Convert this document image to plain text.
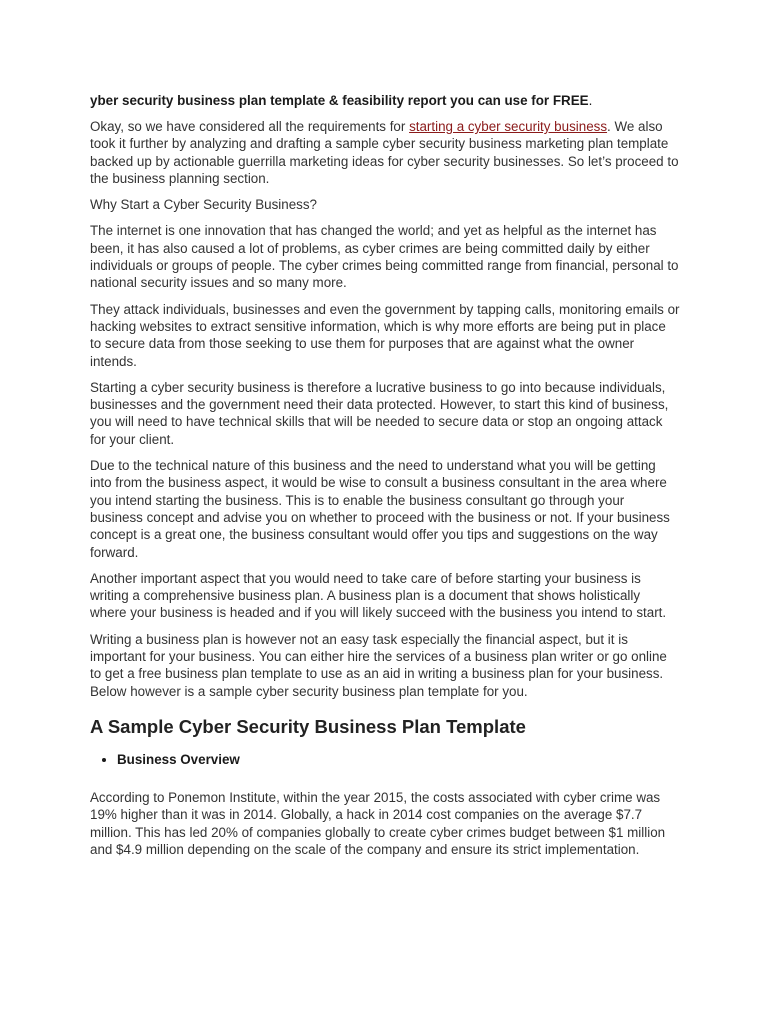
yber security business plan template & feasibility report you can use for FREE.

Okay, so we have considered all the requirements for starting a cyber security business. We also took it further by analyzing and drafting a sample cyber security business marketing plan template backed up by actionable guerrilla marketing ideas for cyber security businesses. So let’s proceed to the business planning section.

Why Start a Cyber Security Business?

The internet is one innovation that has changed the world; and yet as helpful as the internet has been, it has also caused a lot of problems, as cyber crimes are being committed daily by either individuals or groups of people. The cyber crimes being committed range from financial, personal to national security issues and so many more.

They attack individuals, businesses and even the government by tapping calls, monitoring emails or hacking websites to extract sensitive information, which is why more efforts are being put in place to secure data from those seeking to use them for purposes that are against what the owner intends.

Starting a cyber security business is therefore a lucrative business to go into because individuals, businesses and the government need their data protected. However, to start this kind of business, you will need to have technical skills that will be needed to secure data or stop an ongoing attack for your client.

Due to the technical nature of this business and the need to understand what you will be getting into from the business aspect, it would be wise to consult a business consultant in the area where you intend starting the business. This is to enable the business consultant go through your business concept and advise you on whether to proceed with the business or not. If your business concept is a great one, the business consultant would offer you tips and suggestions on the way forward.

Another important aspect that you would need to take care of before starting your business is writing a comprehensive business plan. A business plan is a document that shows holistically where your business is headed and if you will likely succeed with the business you intend to start.

Writing a business plan is however not an easy task especially the financial aspect, but it is important for your business. You can either hire the services of a business plan writer or go online to get a free business plan template to use as an aid in writing a business plan for your business. Below however is a sample cyber security business plan template for you.

A Sample Cyber Security Business Plan Template
• Business Overview

According to Ponemon Institute, within the year 2015, the costs associated with cyber crime was 19% higher than it was in 2014. Globally, a hack in 2014 cost companies on the average $7.7 million. This has led 20% of companies globally to create cyber crimes budget between $1 million and $4.9 million depending on the scale of the company and ensure its strict implementation.
